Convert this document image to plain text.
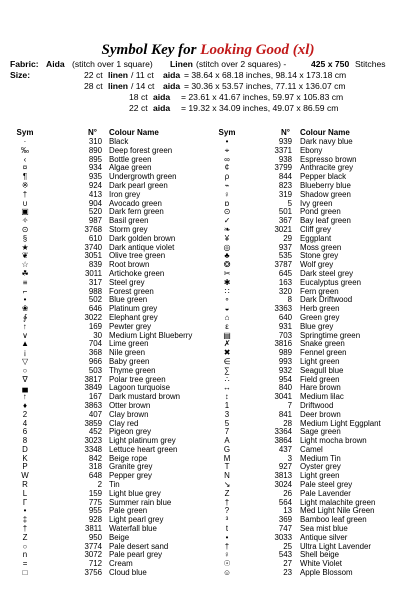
Symbol Key for Looking Good (xl)
Fabric: Aida (stitch over 1 square) Linen (stitch over 2 squares) -	425 x 750 Stitches
Size:	22 ct linen / 11 ct aida = 38.64 x 68.18 inches, 98.14 x 173.18 cm
28 ct linen / 14 ct aida = 30.36 x 53.57 inches, 77.11 x 136.07 cm
18 ct aida = 23.61 x 41.67 inches, 59.97 x 105.83 cm
22 ct aida = 19.32 x 34.09 inches, 49.07 x 86.59 cm
Sym	N° Colour Name	Sym	N° Colour Name
·	310 Black	•	939 Dark navy blue
‰	890 Deep forest green	⌖	3371 Ebony
‹	895 Bottle green	∞	938 Espresso brown
¤	934 Algae green	¢	3799 Anthracite grey
¶	935 Undergrowth green	ρ	844 Pepper black
※	924 Dark pearl green	⌁	823 Blueberry blue
†	413 Iron grey	♀	319 Shadow green
∪	904 Avocado green	ɒ	5 Ivy green
▣	520 Dark fern green	⊙	501 Pond green
✧	987 Basil green	✓	367 Bay leaf green
⊙	3768 Storm grey	❧	3021 Cliff grey
§	610 Dark golden brown	¥	29 Eggplant
★	3740 Dark antique violet	◎	937 Moss green
❦	3051 Olive tree green	♣	535 Stone grey
☆	839 Root brown	❂	3787 Wolf grey
☘	3011 Artichoke green	✂	645 Dark steel grey
≡	317 Steel grey	✱	163 Eucalyptus green
⌐	988 Forest green	∷	320 Fern green
•	502 Blue green	∘	8 Dark Driftwood
❀	646 Platinum grey	◒	3363 Herb green
∲	3022 Elephant grey	⌂	640 Green grey
↑	169 Pewter grey	ε	931 Blue grey
∨	30 Medium Light Blueberry	▤	703 Springtime green
▲	704 Lime green	✗	3816 Snake green
¡	368 Nile green	✖	989 Fennel green
▽	966 Baby green	∈	993 Light green
○	503 Thyme green	∑	932 Seagull blue
∇	3817 Polar tree green	∴	954 Field green
▄	3849 Lagoon turquoise	↔	840 Hare brown
↑	167 Dark mustard brown	↕	3041 Medium lilac
♦	3863 Otter brown	1	7 Driftwood
2	407 Clay brown	3	841 Deer brown
4	3859 Clay red	5	28 Medium Light Eggplant
6	452 Pigeon grey	7	3364 Sage green
8	3023 Light platinum grey	A	3864 Light mocha brown
D	3348 Lettuce heart green	G	437 Camel
K	842 Beige rope	M	3 Medium Tin
P	318 Granite grey	T	927 Oyster grey
W	648 Pepper grey	N	3813 Light green
R	2 Tin	↘	3024 Pale steel grey
L	159 Light blue grey	Z	26 Pale Lavender
Γ	775 Summer rain blue	†	564 Light malachite green
•	955 Pale green	?	13 Med Light Nile Green
‡	928 Light pearl grey	³	369 Bamboo leaf green
†	3811 Waterfall blue	t	747 Sea mist blue
Z	950 Beige	•	3033 Antique silver
○	3774 Pale desert sand	†	25 Ultra Light Lavender
n	3072 Pale pearl grey	♀	543 Shell beige
=	712 Cream	☉	27 White Violet
□	3756 Cloud blue	☺	23 Apple Blossom
